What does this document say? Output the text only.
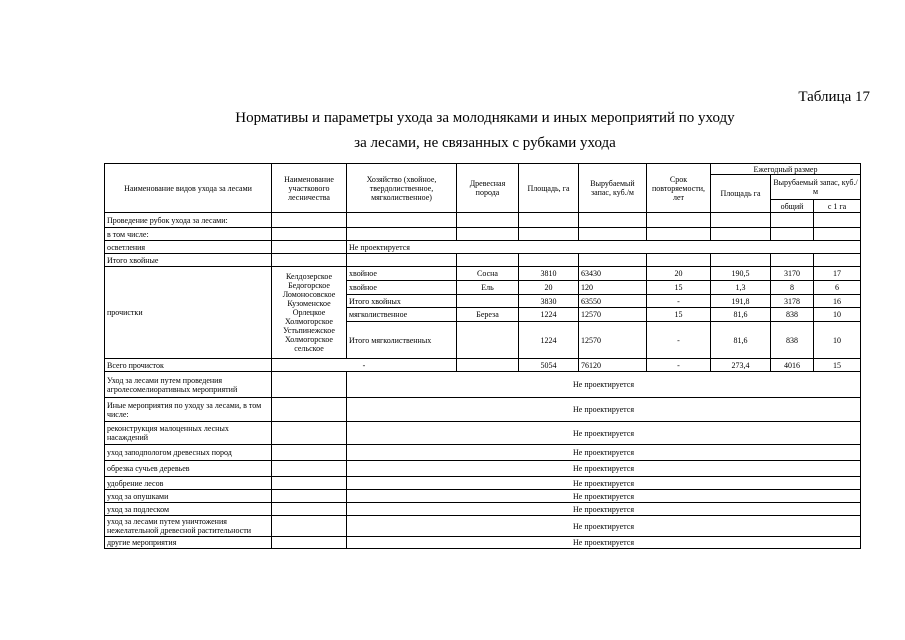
Таблица 17
Нормативы и параметры ухода за молодняками и иных мероприятий по уходу
за лесами, не связанных с рубками ухода
Наименование видов ухода за лесами	Наименование участкового лесничества	Хозяйство (хвойное, твердолиственное, мягколиственное)	Древесная порода	Площадь, га	Вырубаемый запас, куб./м	Срок повторяемости, лет	Ежегодный размер		
							Площадь га	Вырубаемый запас, куб./м	
								общий	с 1 га
Проведение рубок ухода за лесами:									
в том числе:									
осветления		Не проектируется							
Итого хвойные									
прочистки	Келдозерское Бедогорское Ломоносовское Кузоменское Орлецкое Холмогорское Устьпинежское Холмогорское сельское	хвойное	Сосна	3810	63430	20	190,5	3170	17
		хвойное	Ель	20	120	15	1,3	8	6
		Итого хвойных		3830	63550	-	191,8	3178	16
		мягколиственное	Береза	1224	12570	15	81,6	838	10
		Итого мягколиственных		1224	12570	-	81,6	838	10
Всего прочисток	-			5054	76120	-	273,4	4016	15
Уход за лесами путем проведения агролесомелиоративных мероприятий		Не проектируется							
Иные мероприятия по уходу за лесами, в том числе:		Не проектируется							
реконструкция малоценных лесных насаждений		Не проектируется							
уход заподпологом древесных пород		Не проектируется							
обрезка сучьев деревьев		Не проектируется							
удобрение лесов		Не проектируется							
уход за опушками		Не проектируется							
уход за подлеском		Не проектируется							
уход за лесами путем уничтожения нежелательной древесной растительности		Не проектируется							
другие мероприятия		Не проектируется							
